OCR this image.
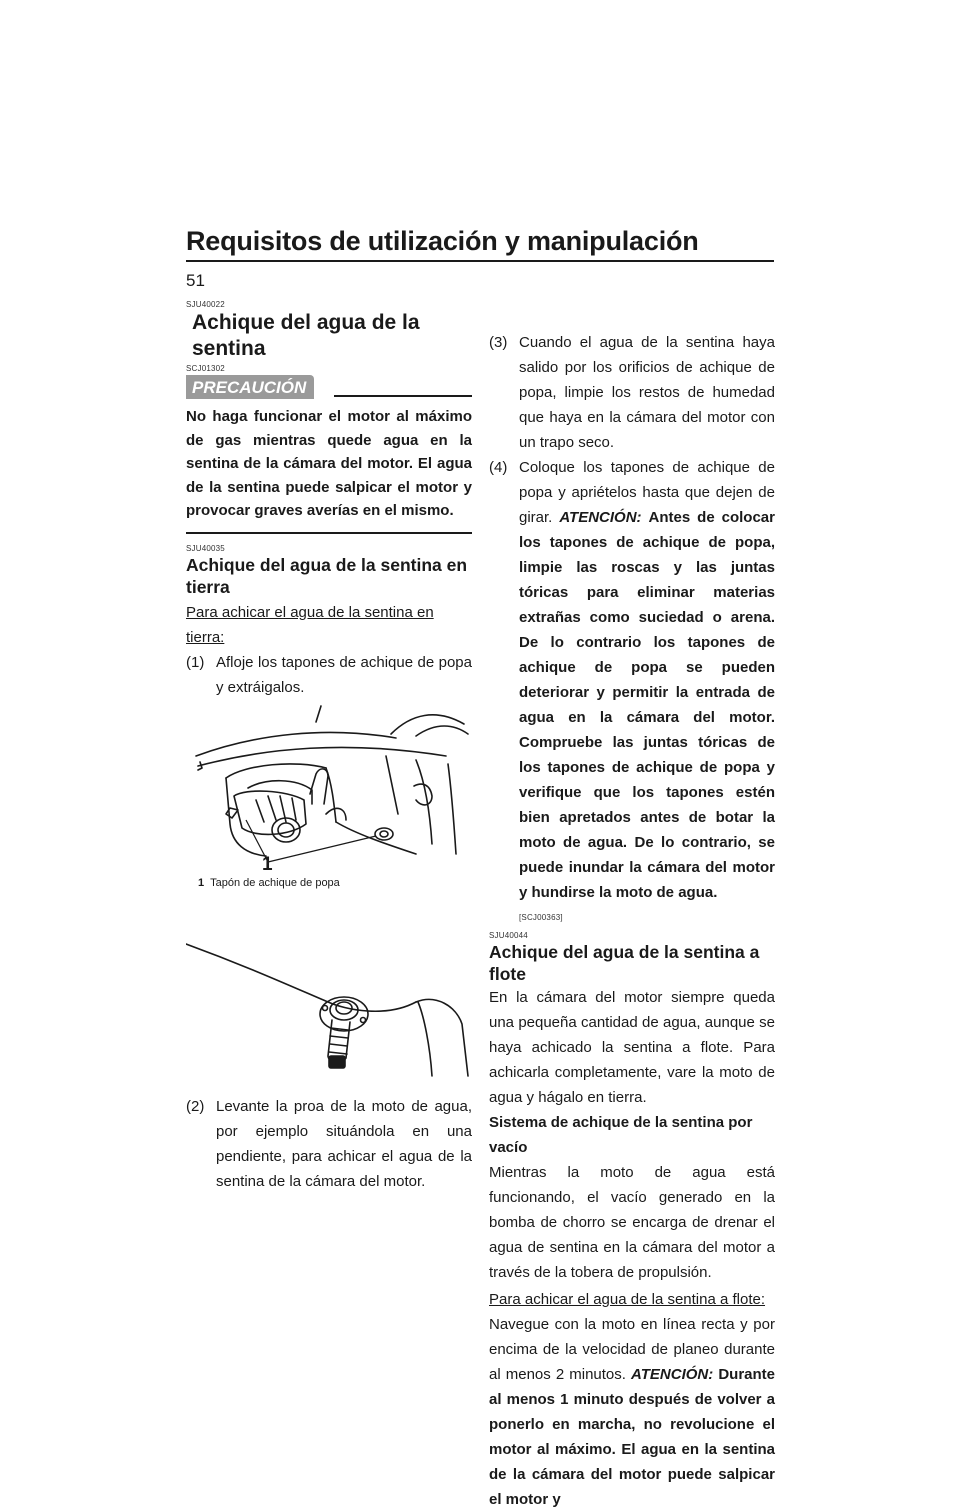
Requisitos de utilización y manipulación
51
SJU40022
Achique del agua de la sentina
SCJ01302
PRECAUCIÓN

No haga funcionar el motor al máximo de gas mientras quede agua en la sentina de la cámara del motor. El agua de la sentina puede salpicar el motor y provocar graves averías en el mismo.

SJU40035
Achique del agua de la sentina en tierra
Para achicar el agua de la sentina en tierra:
(1) Afloje los tapones de achique de popa y extráigalos.
1
1 Tapón de achique de popa
(2) Levante la proa de la moto de agua, por ejemplo situándola en una pendiente, para achicar el agua de la sentina de la cámara del motor.
(3) Cuando el agua de la sentina haya salido por los orificios de achique de popa, limpie los restos de humedad que haya en la cámara del motor con un trapo seco.
(4) Coloque los tapones de achique de popa y apriételos hasta que dejen de girar. ATENCIÓN: Antes de colocar los tapones de achique de popa, limpie las roscas y las juntas tóricas para eliminar materias extrañas como suciedad o arena. De lo contrario los tapones de achique de popa se pueden deteriorar y permitir la entrada de agua en la cámara del motor. Compruebe las juntas tóricas de los tapones de achique de popa y verifique que los tapones estén bien apretados antes de botar la moto de agua. De lo contrario, se puede inundar la cámara del motor y hundirse la moto de agua.
[SCJ00363]
SJU40044
Achique del agua de la sentina a flote

En la cámara del motor siempre queda una pequeña cantidad de agua, aunque se haya achicado la sentina a flote. Para achicarla completamente, vare la moto de agua y hágalo en tierra.

Sistema de achique de la sentina por vacío

Mientras la moto de agua está funcionando, el vacío generado en la bomba de chorro se encarga de drenar el agua de sentina en la cámara del motor a través de la tobera de propulsión.

Para achicar el agua de la sentina a flote:

Navegue con la moto en línea recta y por encima de la velocidad de planeo durante al menos 2 minutos. ATENCIÓN: Durante al menos 1 minuto después de volver a ponerlo en marcha, no revolucione el motor al máximo. El agua en la sentina de la cámara del motor puede salpicar el motor y
